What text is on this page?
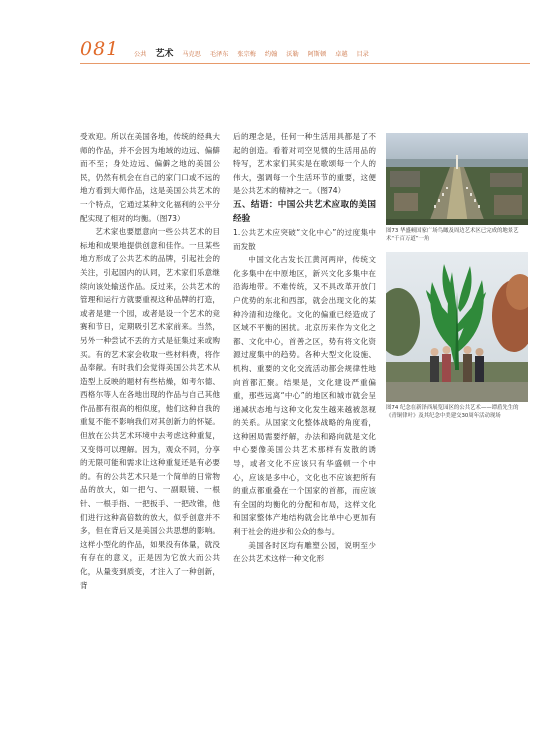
081 公共 艺术 马克思 毛泽东 张宗梅 约翰 沃勒 阿斯顿 卓越 目录

受欢迎。所以在美国各地，传统的经典大师的作品，并不会因为地域的边远、偏僻而不至；身处边远、偏僻之地的美国公民，仍然有机会在自己的家门口或不远的地方看到大师作品，这是美国公共艺术的一个特点，它通过某种文化福利的公平分配实现了相对的均衡。（图73）

艺术家也要愿意向一些公共艺术的目标地和成果地提供创意和佳作。一旦某些地方形成了公共艺术的品牌，引起社会的关注，引起国内的认同，艺术家们乐意继续向该处输送作品。反过来，公共艺术的管理和运行方就要重视这种品牌的打造，或者是建一个园，或者是设一个艺术的竞赛和节日，定期吸引艺术家前来。当然，另外一种尝试不丢的方式是征集过来或购买。有的艺术家会收取一些材料费，将作品奉献。有时我们会觉得美国公共艺术从造型上反映的题材有些枯燥，如考尔德、西格尔等人在各地出现的作品与自己其他作品都有很高的相似度，他们这种自我的重复不能不影响我们对其创新力的怀疑。但放在公共艺术环境中去考虑这种重复，又变得可以理解。因为，观众不同，分享的无限可能和需求让这种重复还是有必要的。有的公共艺术只是一个简单的日常物品的放大，如一把勺、一副眼镜、一根针、一根手指、一把扳手、一把改锥，他们进行这种高倍数的放大，似乎创意并不多，但在背后又是美国公共思想的影响。这样小型化的作品，如果没有体量，就没有存在的意义，正是因为它放大而公共化，从量变到质变，才注入了一种创新，背

后的理念是，任何一种生活用具都是了不起的创造。看着对司空见惯的生活用品的特写，艺术家们其实是在歌颂每一个人的伟大，强调每一个生活环节的重要，这便是公共艺术的精神之一。（图74）

五、结语：中国公共艺术应取的美国经验

1.公共艺术应突破“文化中心”的过度集中而发散

中国文化古发长江黄河两岸，传统文化多集中在中原地区，新兴文化多集中在沿海地带。不难传统，又不具改革开放门户优势的东北和西部，就会出现文化的某种冷清和边缘化。文化的偏重已经造成了区域不平衡的困扰。北京历来作为文化之都、文化中心，首善之区，势有将文化资源过度集中的趋势。各种大型文化设施、机构、重要的文化交流活动都会规律性地向首都汇聚。结果是，文化建设严重偏重，那些远离“中心”的地区和城市就会呈递减状态地与这种文化发生越来越被忽视的关系。从国家文化整体战略的角度看，这种困局需要纾解，办法和路向就是文化中心要像美国公共艺术那样有发散的诱导，或者文化不应该只有华盛顿一个中心，应该是多中心，文化也不应该把所有的重点都重叠在一个国家的首都，而应该有全国的均衡化的分配和布局，这样文化和国家整体产地结构就会比单中心更加有利于社会的进步和公众的参与。

美国各时区均有雕塑公园，说明至少在公共艺术这样一种文化形

图73 华盛顿国家广场鸟瞰及周边艺术区已完成的地景艺术“千百万道”一角
图74 纪念在新泽西展览园区的公共艺术——谭盾先生的《青铜律叶》及其纪念中美建交30周年活动现场
